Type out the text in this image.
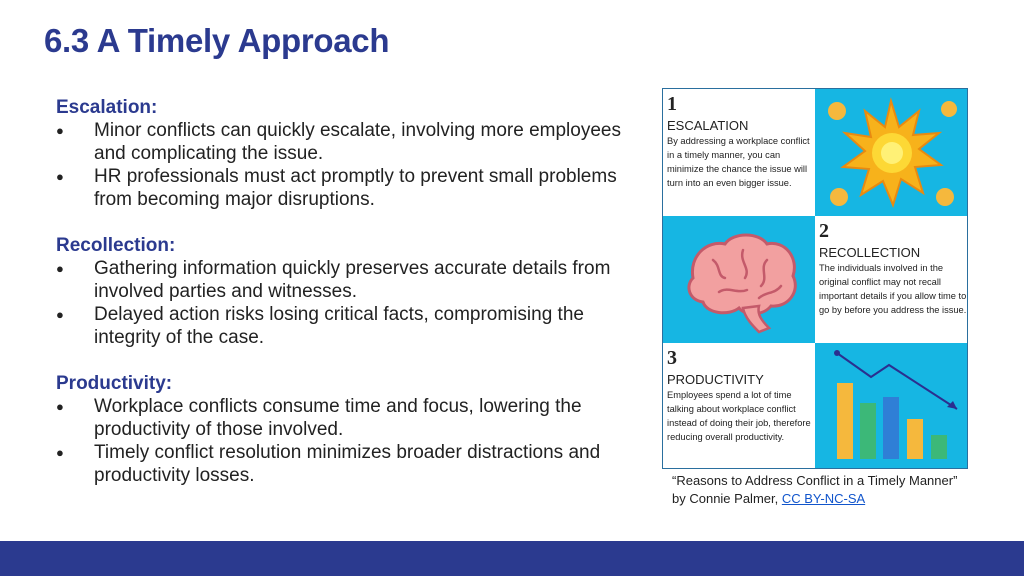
6.3 A Timely Approach
Escalation:
● Minor conflicts can quickly escalate, involving more employees and complicating the issue.
● HR professionals must act promptly to prevent small problems from becoming major disruptions.
Recollection:
● Gathering information quickly preserves accurate details from involved parties and witnesses.
● Delayed action risks losing critical facts, compromising the integrity of the case.
Productivity:
● Workplace conflicts consume time and focus, lowering the productivity of those involved.
● Timely conflict resolution minimizes broader distractions and productivity losses.
1
ESCALATION
By addressing a workplace conflict in a timely manner, you can minimize the chance the issue will turn into an even bigger issue.
2
RECOLLECTION
The individuals involved in the original conflict may not recall important details if you allow time to go by before you address the issue.
3
PRODUCTIVITY
Employees spend a lot of time talking about workplace conflict instead of doing their job, therefore reducing overall productivity.
“Reasons to Address Conflict in a Timely Manner” by Connie Palmer, CC BY-NC-SA
